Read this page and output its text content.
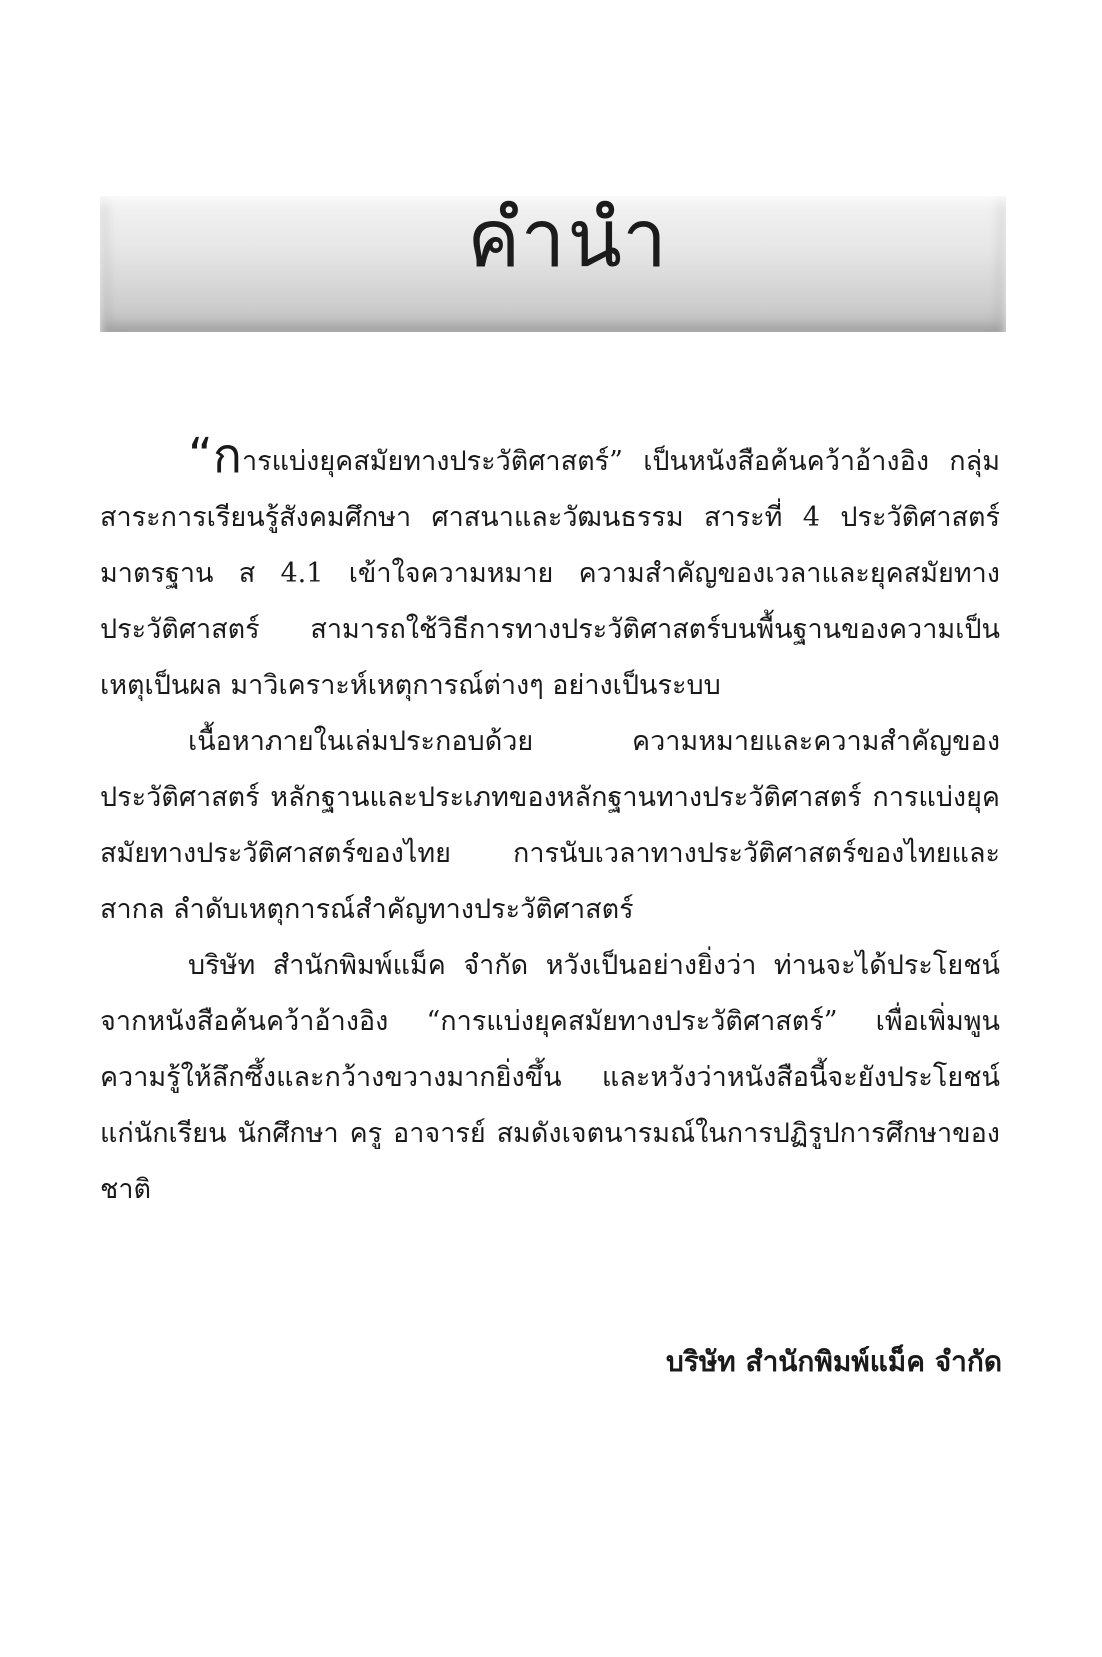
คำนำ

“การแบ่งยุคสมัยทางประวัติศาสตร์” เป็นหนังสือค้นคว้าอ้างอิง กลุ่มสาระการเรียนรู้สังคมศึกษา ศาสนาและวัฒนธรรม สาระที่ 4 ประวัติศาสตร์ มาตรฐาน ส 4.1 เข้าใจความหมาย ความสำคัญของเวลาและยุคสมัยทางประวัติศาสตร์ สามารถใช้วิธีการทางประวัติศาสตร์บนพื้นฐานของความเป็นเหตุเป็นผล มาวิเคราะห์เหตุการณ์ต่างๆ อย่างเป็นระบบ

เนื้อหาภายในเล่มประกอบด้วย ความหมายและความสำคัญของประวัติศาสตร์ หลักฐานและประเภทของหลักฐานทางประวัติศาสตร์ การแบ่งยุคสมัยทางประวัติศาสตร์ของไทย การนับเวลาทางประวัติศาสตร์ของไทยและสากล ลำดับเหตุการณ์สำคัญทางประวัติศาสตร์

บริษัท สำนักพิมพ์แม็ค จำกัด หวังเป็นอย่างยิ่งว่า ท่านจะได้ประโยชน์จากหนังสือค้นคว้าอ้างอิง “การแบ่งยุคสมัยทางประวัติศาสตร์” เพื่อเพิ่มพูนความรู้ให้ลึกซึ้งและกว้างขวางมากยิ่งขึ้น และหวังว่าหนังสือนี้จะยังประโยชน์แก่นักเรียน นักศึกษา ครู อาจารย์ สมดังเจตนารมณ์ในการปฏิรูปการศึกษาของชาติ

บริษัท สำนักพิมพ์แม็ค จำกัด
